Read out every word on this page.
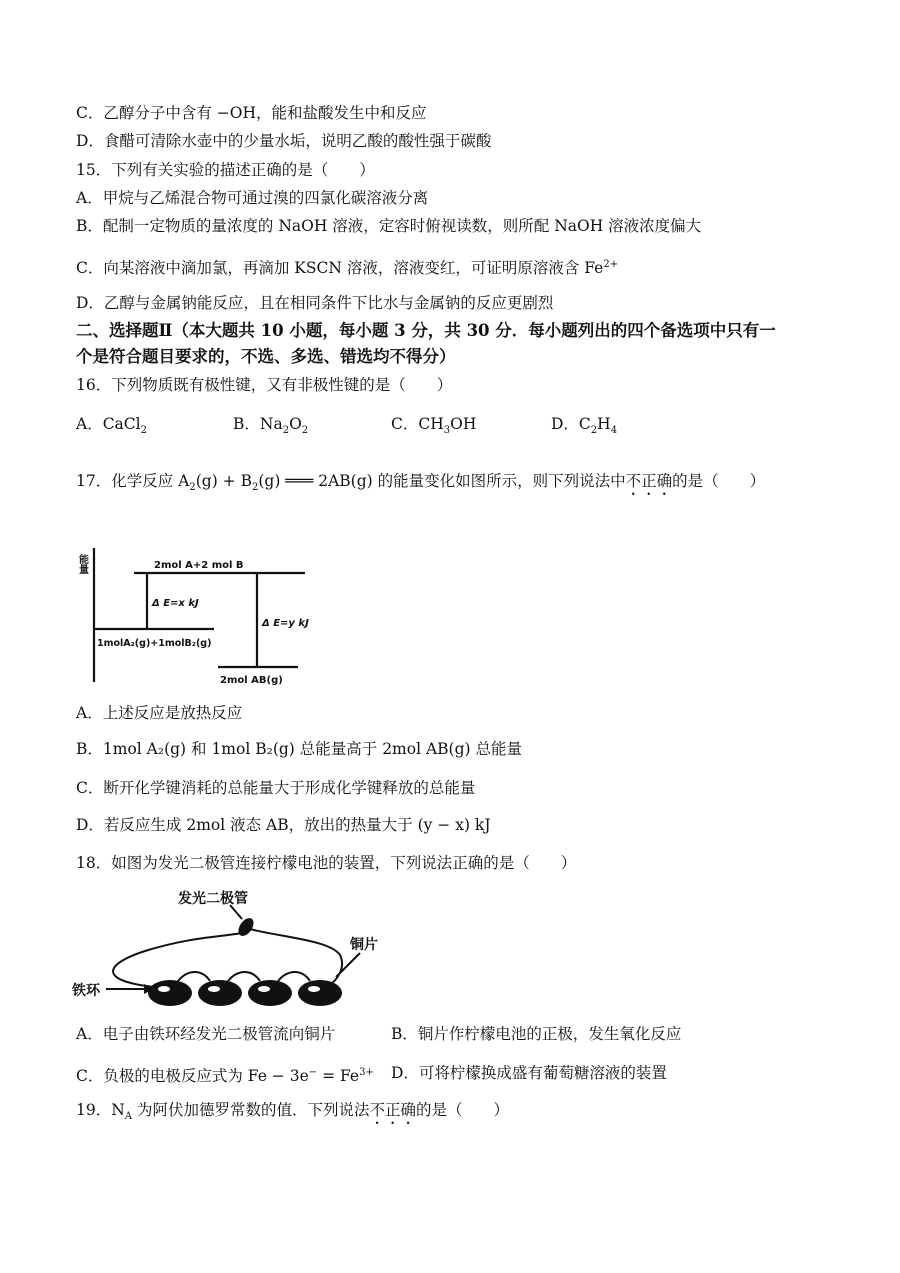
C．乙醇分子中含有 −OH，能和盐酸发生中和反应
D．食醋可清除水壶中的少量水垢，说明乙酸的酸性强于碳酸
15．下列有关实验的描述正确的是（　　）
A．甲烷与乙烯混合物可通过溴的四氯化碳溶液分离
B．配制一定物质的量浓度的 NaOH 溶液，定容时俯视读数，则所配 NaOH 溶液浓度偏大
C．向某溶液中滴加氯，再滴加 KSCN 溶液，溶液变红，可证明原溶液含 $Fe^{2+}$
D．乙醇与金属钠能反应，且在相同条件下比水与金属钠的反应更剧烈
二、选择题Ⅱ（本大题共 10 小题，每小题 3 分，共 30 分．每小题列出的四个备选项中只有一
个是符合题目要求的，不选、多选、错选均不得分）
16．下列物质既有极性键，又有非极性键的是（　　）
A．CaCl$_2$	B．$Na_2O_2$	C．$CH_3OH$	D．$C_2H_4$
17．化学反应 $A_2(g) + B_2(g)$ ═══ 2AB(g) 的能量变化如图所示，则下列说法中不正确的是（　　）
能量	2mol A+2 mol B
Δ E=x kJ
Δ E=y kJ
1molA₂(g)+1molB₂(g)
2mol AB(g)
A．上述反应是放热反应
B．1mol A₂(g) 和 1mol B₂(g) 总能量高于 2mol AB(g) 总能量
C．断开化学键消耗的总能量大于形成化学键释放的总能量
D．若反应生成 2mol 液态 AB，放出的热量大于 (y − x) kJ
18．如图为发光二极管连接柠檬电池的装置，下列说法正确的是（　　）
发光二极管
铜片
铁环
A．电子由铁环经发光二极管流向铜片	B．铜片作柠檬电池的正极，发生氧化反应
C．负极的电极反应式为 $Fe - 3e^- = Fe^{3+}$ D．可将柠檬换成盛有葡萄糖溶液的装置
19．$N_A$ 为阿伏加德罗常数的值．下列说法不正确的是（　　）
